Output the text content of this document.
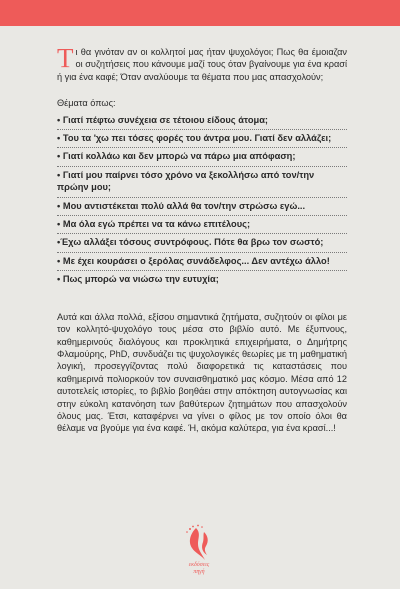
Τι θα γινόταν αν οι κολλητοί μας ήταν ψυχολόγοι; Πως θα έμοιαζαν οι συζητήσεις που κάνουμε μαζί τους όταν βγαίνουμε για ένα κρασί ή για ένα καφέ; Όταν αναλύουμε τα θέματα που μας απασχολούν;

Θέματα όπως:

• Γιατί πέφτω συνέχεια σε τέτοιου είδους άτομα;
• Του τα 'χω πει τόσες φορές του άντρα μου. Γιατί δεν αλλάζει;
• Γιατί κολλάω και δεν μπορώ να πάρω μια απόφαση;
• Γιατί μου παίρνει τόσο χρόνο να ξεκολλήσω από τον/την πρώην μου;
• Μου αντιστέκεται πολύ αλλά θα τον/την στρώσω εγώ...
• Μα όλα εγώ πρέπει να τα κάνω επιτέλους;
•Έχω αλλάξει τόσους συντρόφους. Πότε θα βρω τον σωστό;
• Με έχει κουράσει ο ξερόλας συνάδελφος... Δεν αντέχω άλλο!
• Πως μπορώ να νιώσω την ευτυχία;

Αυτά και άλλα πολλά, εξίσου σημαντικά ζητήματα, συζητούν οι φίλοι με τον κολλητό-ψυχολόγο τους μέσα στο βιβλίο αυτό. Με έξυπνους, καθημερινούς διαλόγους και προκλητικά επιχειρήματα, ο Δημήτρης Φλαμούρης, PhD, συνδυάζει τις ψυχολογικές θεωρίες με τη μαθηματική λογική, προσεγγίζοντας πολύ διαφορετικά τις καταστάσεις που καθημερινά πολιορκούν τον συναισθηματικό μας κόσμο. Μέσα από 12 αυτοτελείς ιστορίες, το βιβλίο βοηθάει στην απόκτηση αυτογνωσίας και στην εύκολη κατανόηση των βαθύτερων ζητημάτων που απασχολούν όλους μας. Έτσι, καταφέρνει να γίνει ο φίλος με τον οποίο όλοι θα θέλαμε να βγούμε για ένα καφέ. Ή, ακόμα καλύτερα, για ένα κρασί...!

εκδόσεις
πηγή
